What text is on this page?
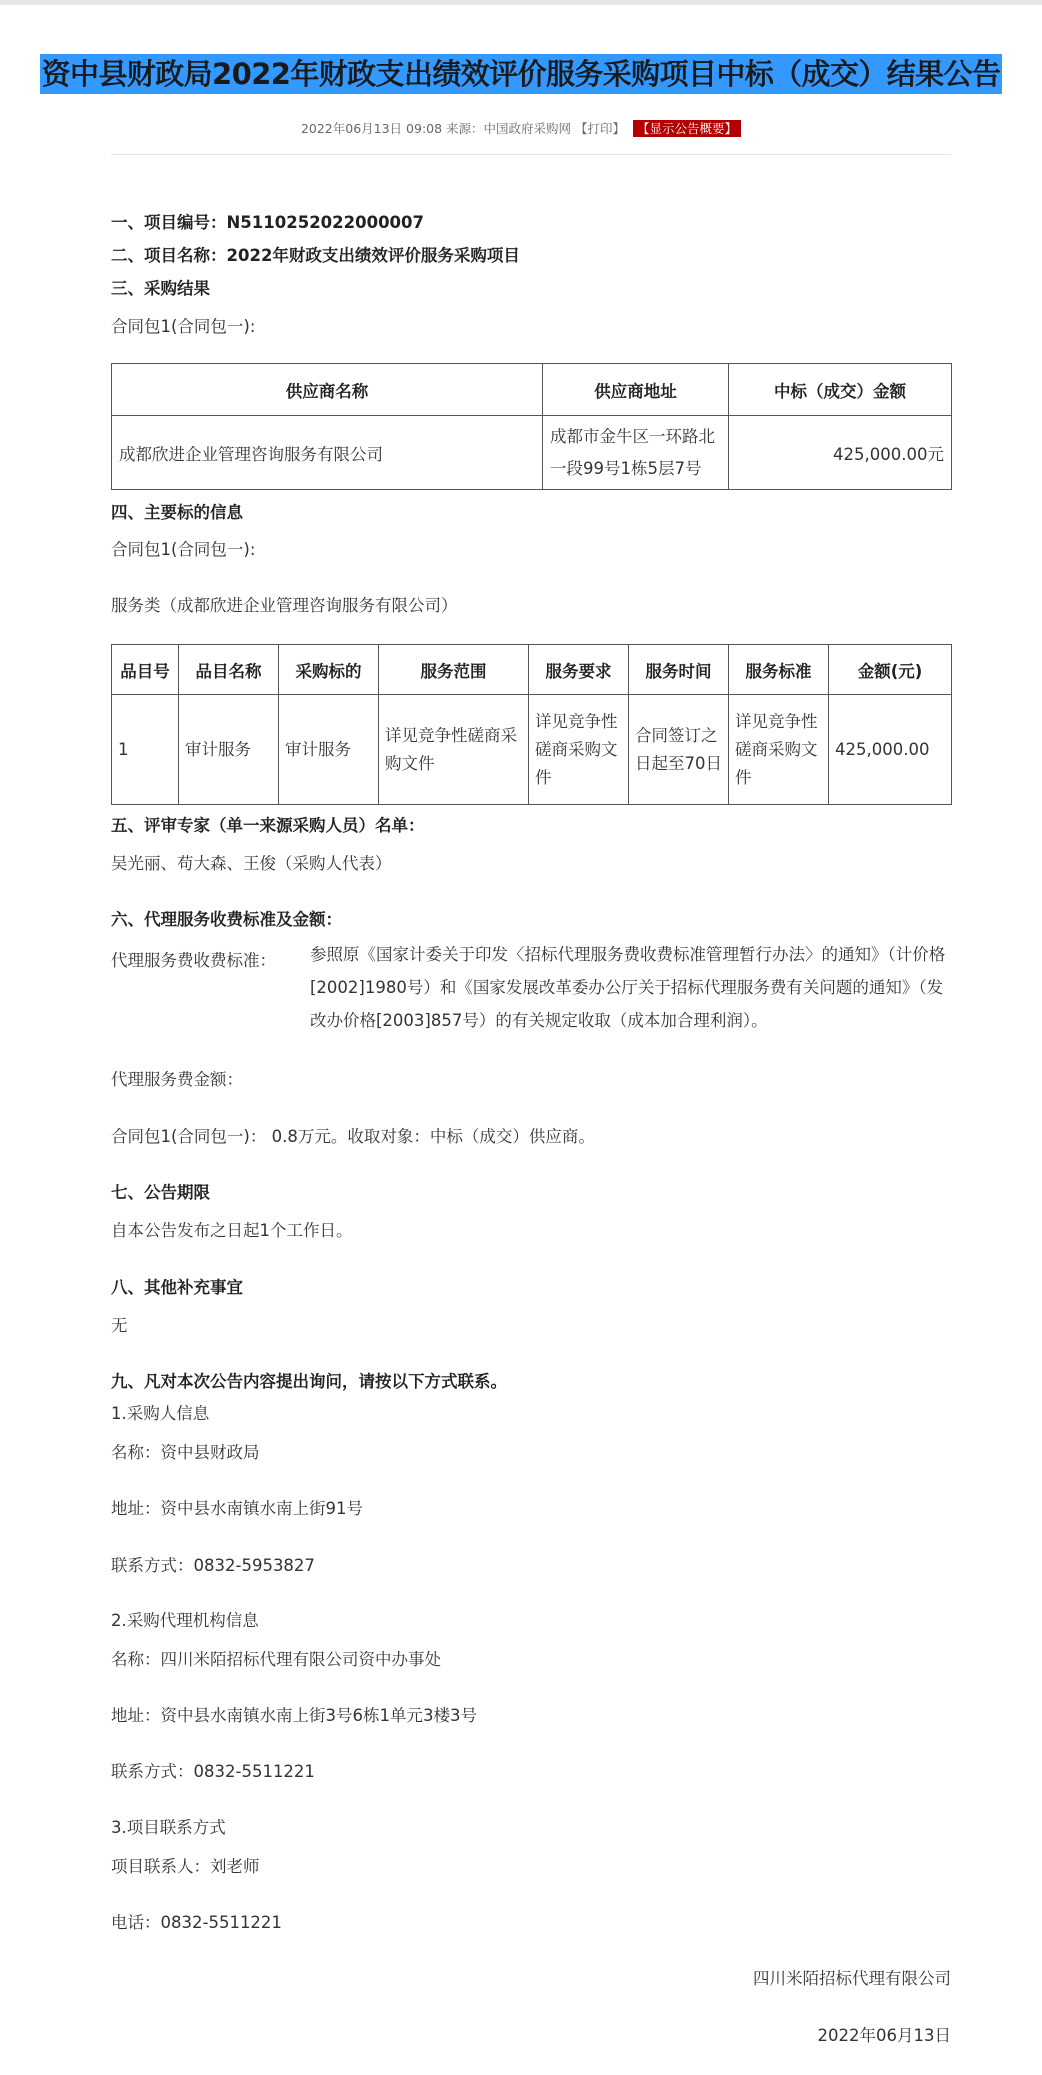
资中县财政局2022年财政支出绩效评价服务采购项目中标（成交）结果公告
2022年06月13日 09:08 来源：中国政府采购网 【打印】 【显示公告概要】
一、项目编号：N5110252022000007
二、项目名称：2022年财政支出绩效评价服务采购项目
三、采购结果
合同包1(合同包一):
供应商名称	供应商地址	中标（成交）金额
成都欣进企业管理咨询服务有限公司	成都市金牛区一环路北一段99号1栋5层7号	425,000.00元
四、主要标的信息
合同包1(合同包一):
服务类（成都欣进企业管理咨询服务有限公司）
品目号	品目名称	采购标的	服务范围	服务要求	服务时间	服务标准	金额(元)
1	审计服务	审计服务	详见竞争性磋商采购文件	详见竞争性磋商采购文件	合同签订之日起至70日	详见竞争性磋商采购文件	425,000.00
五、评审专家（单一来源采购人员）名单：
吴光丽、苟大森、王俊（采购人代表）
六、代理服务收费标准及金额：
代理服务费收费标准： 参照原《国家计委关于印发〈招标代理服务费收费标准管理暂行办法〉的通知》（计价格[2002]1980号）和《国家发展改革委办公厅关于招标代理服务费有关问题的通知》（发改办价格[2003]857号）的有关规定收取（成本加合理利润）。
代理服务费金额：
合同包1(合同包一)： 0.8万元。收取对象：中标（成交）供应商。
七、公告期限
自本公告发布之日起1个工作日。
八、其他补充事宜
无
九、凡对本次公告内容提出询问，请按以下方式联系。
1.采购人信息
名称：资中县财政局
地址：资中县水南镇水南上街91号
联系方式：0832-5953827
2.采购代理机构信息
名称：四川米陌招标代理有限公司资中办事处
地址：资中县水南镇水南上街3号6栋1单元3楼3号
联系方式：0832-5511221
3.项目联系方式
项目联系人：刘老师
电话：0832-5511221
四川米陌招标代理有限公司
2022年06月13日
